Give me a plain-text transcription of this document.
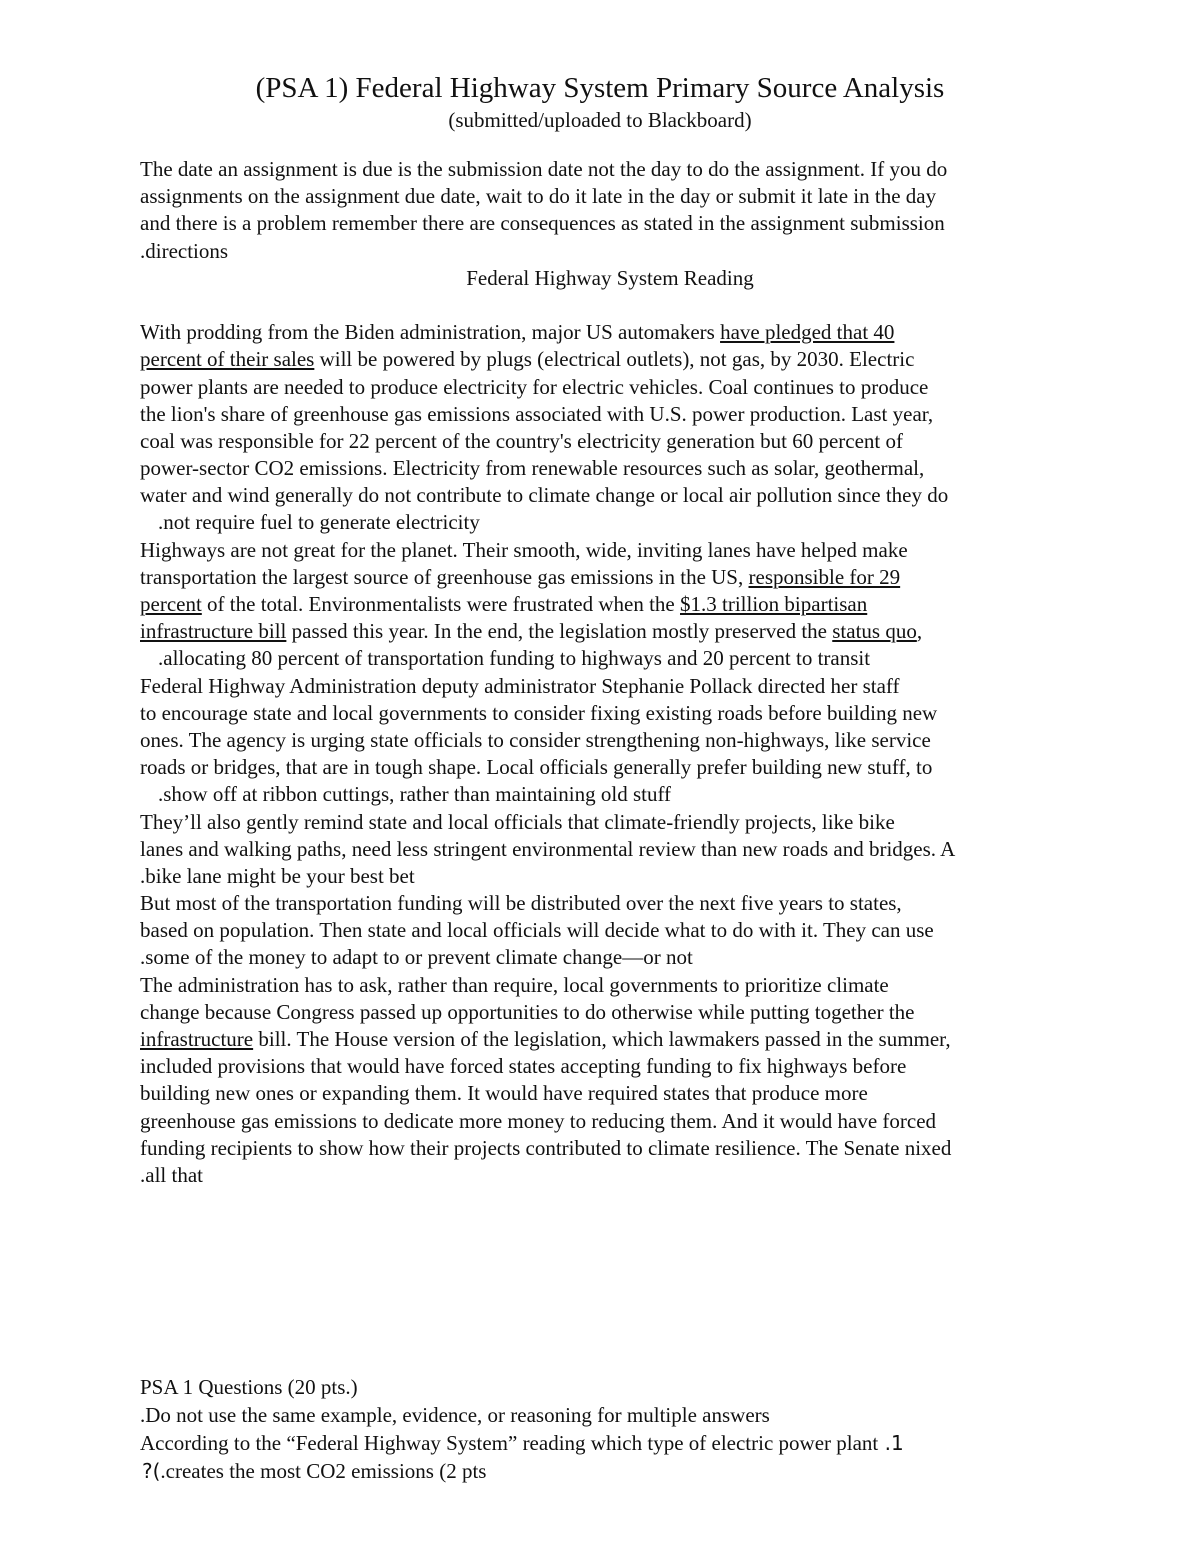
(PSA 1) Federal Highway System Primary Source Analysis
(submitted/uploaded to Blackboard)
The date an assignment is due is the submission date not the day to do the assignment. If you do
assignments on the assignment due date, wait to do it late in the day or submit it late in the day
and there is a problem remember there are consequences as stated in the assignment submission
.directions
Federal Highway System Reading
With prodding from the Biden administration, major US automakers have pledged that 40
percent of their sales will be powered by plugs (electrical outlets), not gas, by 2030. Electric
power plants are needed to produce electricity for electric vehicles. Coal continues to produce
the lion's share of greenhouse gas emissions associated with U.S. power production. Last year,
coal was responsible for 22 percent of the country's electricity generation but 60 percent of
power-sector CO2 emissions. Electricity from renewable resources such as solar, geothermal,
water and wind generally do not contribute to climate change or local air pollution since they do
.not require fuel to generate electricity
Highways are not great for the planet. Their smooth, wide, inviting lanes have helped make
transportation the largest source of greenhouse gas emissions in the US, responsible for 29
percent of the total. Environmentalists were frustrated when the $1.3 trillion bipartisan
infrastructure bill passed this year. In the end, the legislation mostly preserved the status quo,
.allocating 80 percent of transportation funding to highways and 20 percent to transit
Federal Highway Administration deputy administrator Stephanie Pollack directed her staff
to encourage state and local governments to consider fixing existing roads before building new
ones. The agency is urging state officials to consider strengthening non-highways, like service
roads or bridges, that are in tough shape. Local officials generally prefer building new stuff, to
.show off at ribbon cuttings, rather than maintaining old stuff
They’ll also gently remind state and local officials that climate-friendly projects, like bike
lanes and walking paths, need less stringent environmental review than new roads and bridges. A
.bike lane might be your best bet
But most of the transportation funding will be distributed over the next five years to states,
based on population. Then state and local officials will decide what to do with it. They can use
.some of the money to adapt to or prevent climate change—or not
The administration has to ask, rather than require, local governments to prioritize climate
change because Congress passed up opportunities to do otherwise while putting together the
infrastructure bill. The House version of the legislation, which lawmakers passed in the summer,
included provisions that would have forced states accepting funding to fix highways before
building new ones or expanding them. It would have required states that produce more
greenhouse gas emissions to dedicate more money to reducing them. And it would have forced
funding recipients to show how their projects contributed to climate resilience. The Senate nixed
.all that
PSA 1 Questions (20 pts.)
.Do not use the same example, evidence, or reasoning for multiple answers
According to the “Federal Highway System” reading which type of electric power plant .1
?(.creates the most CO2 emissions (2 pts
